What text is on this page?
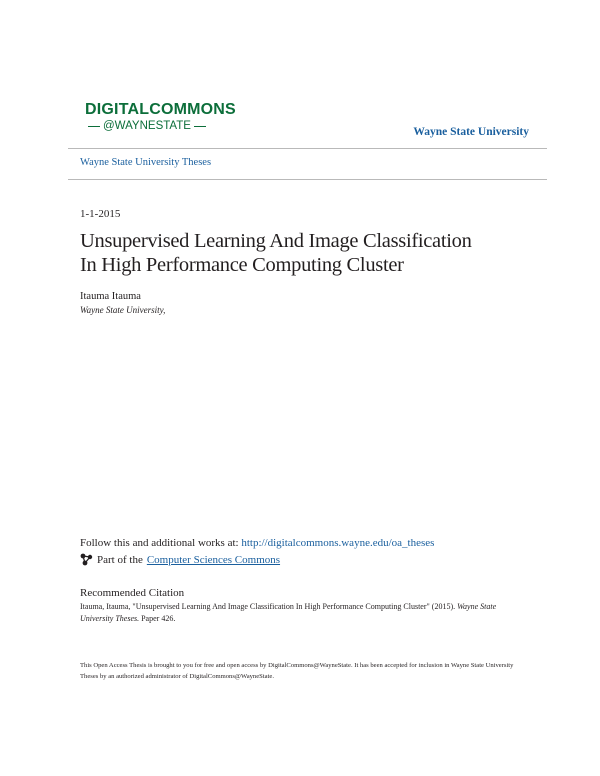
DIGITALCOMMONS
@WAYNESTATE	Wayne State University
Wayne State University Theses
1-1-2015
Unsupervised Learning And Image Classification
In High Performance Computing Cluster
Itauma Itauma
Wayne State University,
Follow this and additional works at: http://digitalcommons.wayne.edu/oa_theses
Part of the Computer Sciences Commons
Recommended Citation
Itauma, Itauma, "Unsupervised Learning And Image Classification In High Performance Computing Cluster" (2015). Wayne State University Theses. Paper 426.
This Open Access Thesis is brought to you for free and open access by DigitalCommons@WayneState. It has been accepted for inclusion in Wayne State University Theses by an authorized administrator of DigitalCommons@WayneState.
